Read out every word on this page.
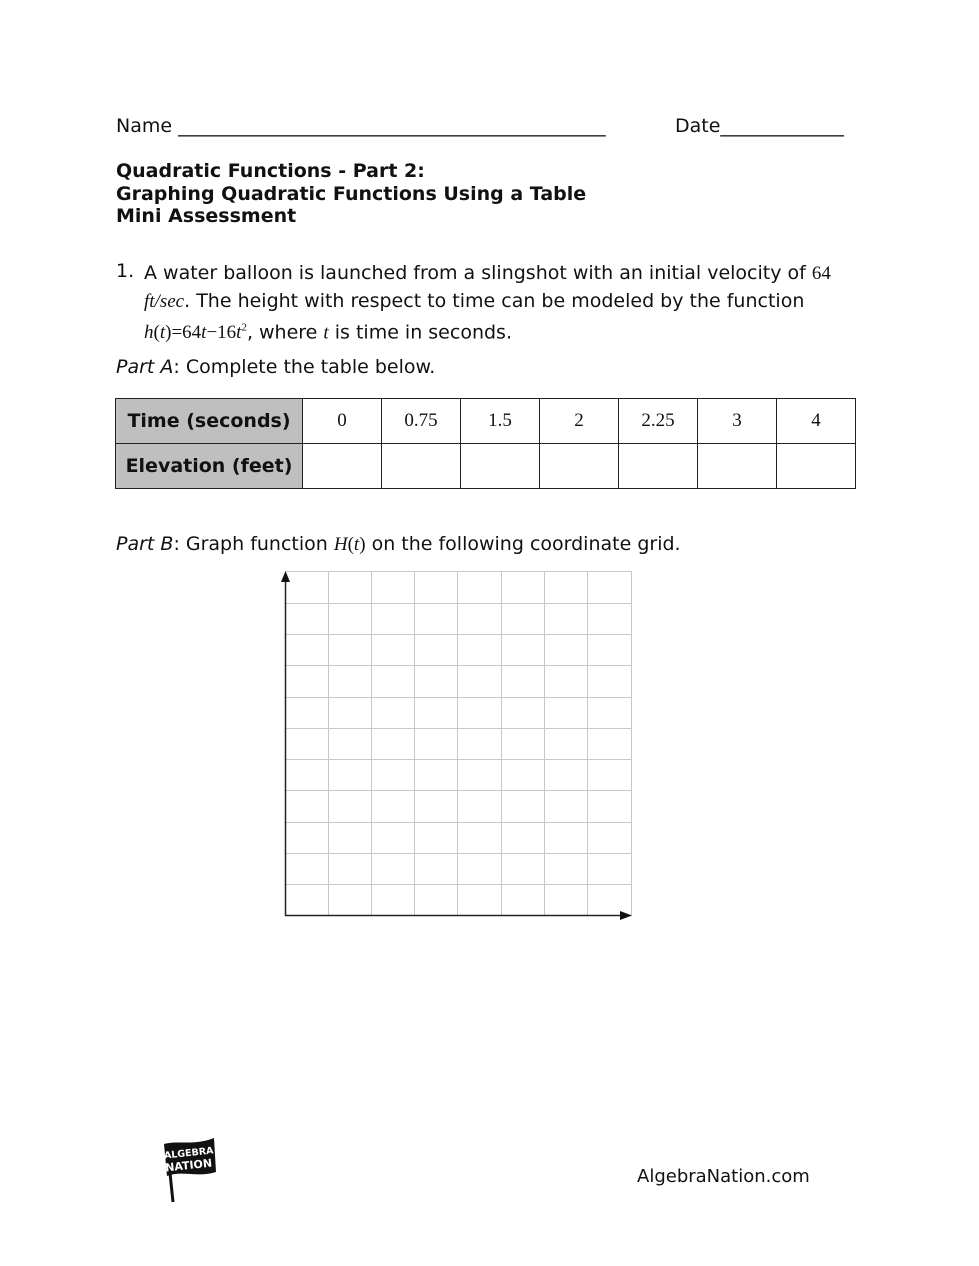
Name _____________________________________________	Date_____________
Quadratic Functions - Part 2:
Graphing Quadratic Functions Using a Table
Mini Assessment
1. A water balloon is launched from a slingshot with an initial velocity of 64
ft/sec. The height with respect to time can be modeled by the function
$h(t)=64t-16t^2$, where t is time in seconds.
Part A: Complete the table below.
Time (seconds)	0	0.75	1.5	2	2.25	3	4
Elevation (feet)							
Part B: Graph function H(t) on the following coordinate grid.
ALGEBRA
NATION
AlgebraNation.com
